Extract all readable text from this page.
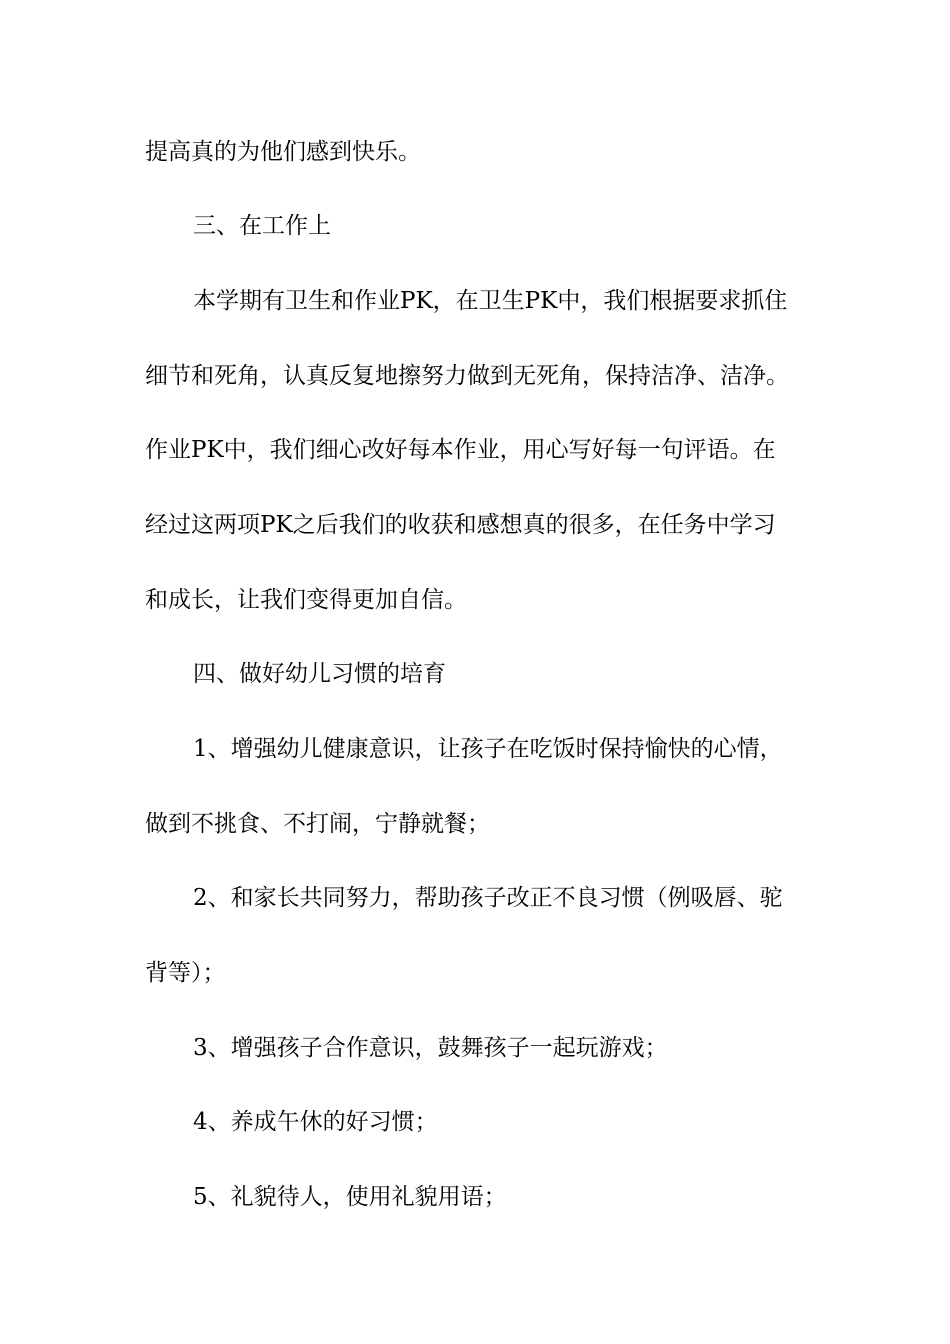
提高真的为他们感到快乐。
三、在工作上
本学期有卫生和作业PK，在卫生PK中，我们根据要求抓住
细节和死角，认真反复地擦努力做到无死角，保持洁净、洁净。
作业PK中，我们细心改好每本作业，用心写好每一句评语。在
经过这两项PK之后我们的收获和感想真的很多，在任务中学习
和成长，让我们变得更加自信。
四、做好幼儿习惯的培育
1、增强幼儿健康意识，让孩子在吃饭时保持愉快的心情，
做到不挑食、不打闹，宁静就餐；
2、和家长共同努力，帮助孩子改正不良习惯（例吸唇、驼
背等）；
3、增强孩子合作意识，鼓舞孩子一起玩游戏；
4、养成午休的好习惯；
5、礼貌待人，使用礼貌用语；
